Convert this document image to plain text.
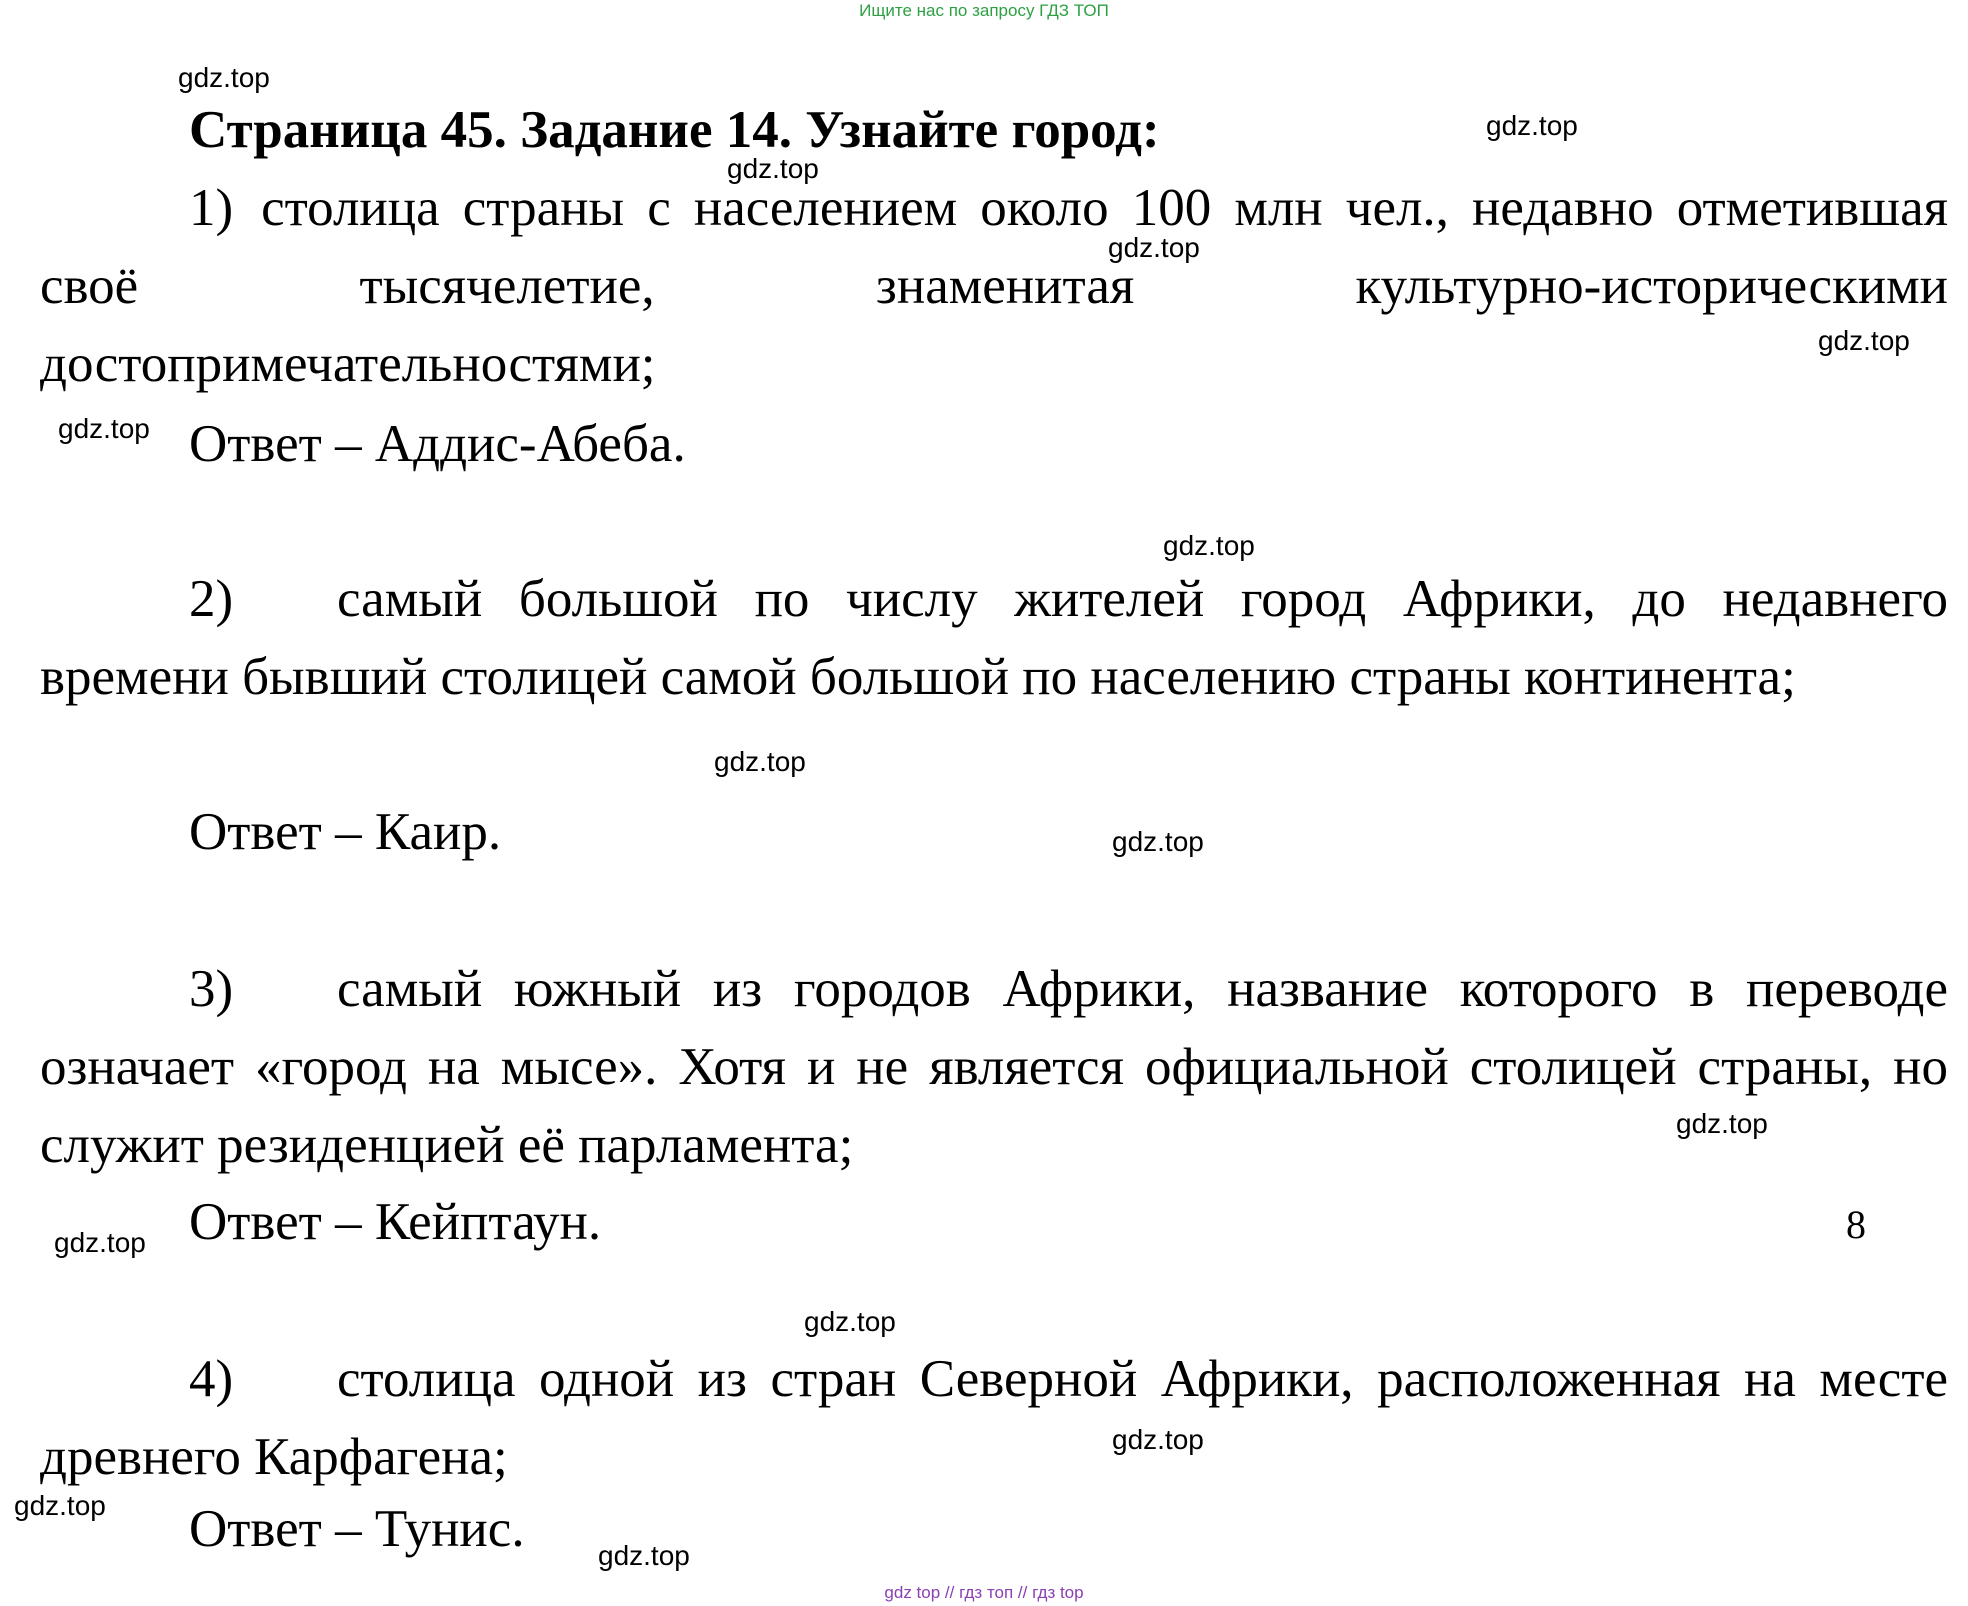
Ищите нас по запросу ГДЗ ТОП
Страница 45. Задание 14. Узнайте город:

1) столица страны с населением около 100 млн чел., недавно отметившая своё тысячелетие, знаменитая культурно-историческими достопримечательностями;

Ответ – Аддис-Абеба.

2) самый большой по числу жителей город Африки, до недавнего времени бывший столицей самой большой по населению страны континента;

Ответ – Каир.

3) самый южный из городов Африки, название которого в переводе означает «город на мысе». Хотя и не является официальной столицей страны, но служит резиденцией её парламента;

Ответ – Кейптаун.	8

4) столица одной из стран Северной Африки, расположенная на месте древнего Карфагена;

Ответ – Тунис.

gdz.top
gdz.top
gdz.top
gdz.top
gdz.top
gdz.top
gdz.top
gdz.top
gdz.top
gdz.top
gdz.top
gdz.top
gdz.top
gdz.top
gdz.top
gdz top // гдз топ // гдз top
